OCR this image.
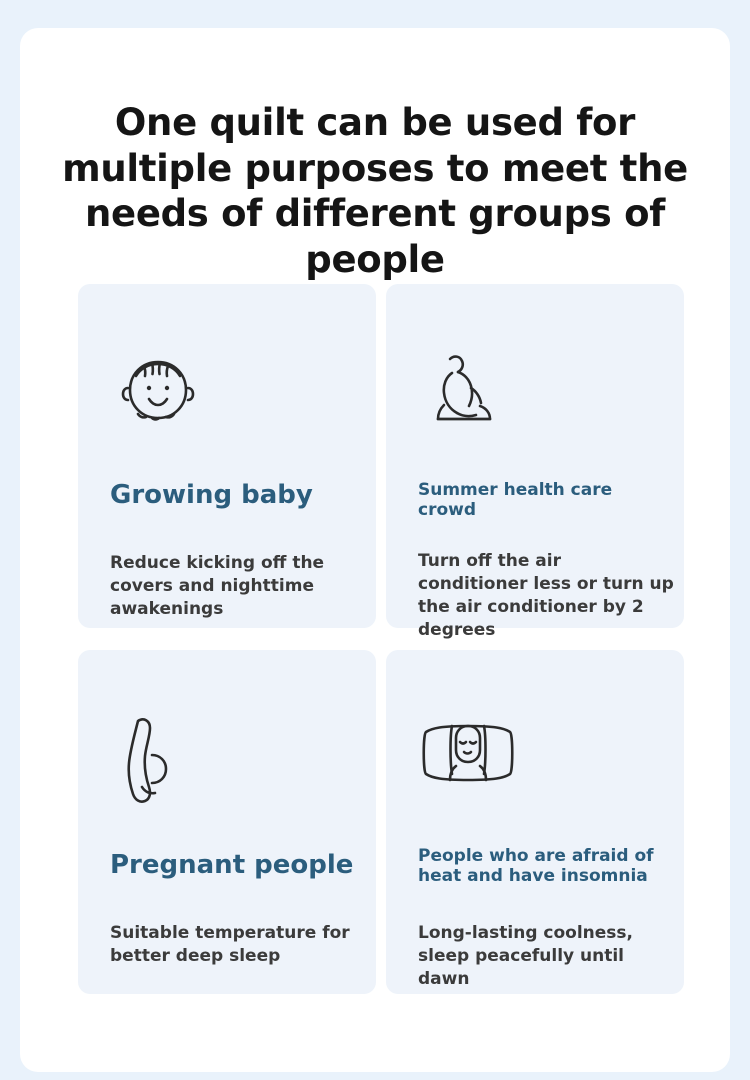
One quilt can be used for multiple purposes to meet the needs of different groups of people
Growing baby
Reduce kicking off the covers and nighttime awakenings
Summer health care crowd
Turn off the air conditioner less or turn up the air conditioner by 2 degrees
Pregnant people
Suitable temperature for better deep sleep
People who are afraid of heat and have insomnia
Long-lasting coolness, sleep peacefully until dawn
